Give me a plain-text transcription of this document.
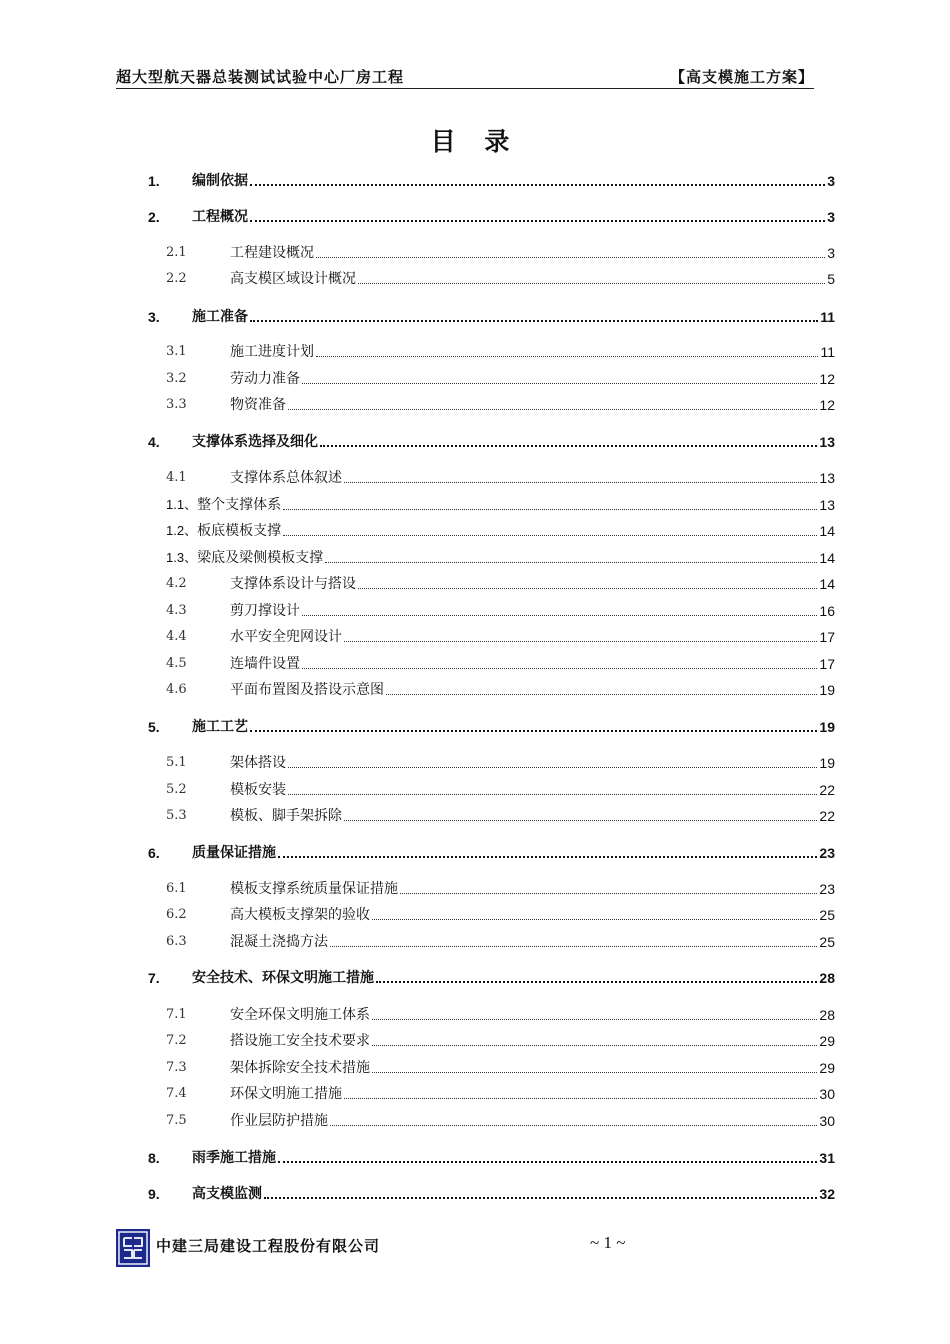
超大型航天器总装测试试验中心厂房工程	【高支模施工方案】
目 录
1.	编制依据	3
2.	工程概况	3
2.1	工程建设概况	3
2.2	高支模区域设计概况	5
3.	施工准备	11
3.1	施工进度计划	11
3.2	劳动力准备	12
3.3	物资准备	12
4.	支撑体系选择及细化	13
4.1	支撑体系总体叙述	13
1.1、 整个支撑体系	13
1.2、 板底模板支撑	14
1.3、 梁底及梁侧模板支撑	14
4.2	支撑体系设计与搭设	14
4.3	剪刀撑设计	16
4.4	水平安全兜网设计	17
4.5	连墙件设置	17
4.6	平面布置图及搭设示意图	19
5.	施工工艺	19
5.1	架体搭设	19
5.2	模板安装	22
5.3	模板、脚手架拆除	22
6.	质量保证措施	23
6.1	模板支撑系统质量保证措施	23
6.2	高大模板支撑架的验收	25
6.3	混凝土浇捣方法	25
7.	安全技术、环保文明施工措施	28
7.1	安全环保文明施工体系	28
7.2	搭设施工安全技术要求	29
7.3	架体拆除安全技术措施	29
7.4	环保文明施工措施	30
7.5	作业层防护措施	30
8.	雨季施工措施	31
9.	高支模监测	32
中建三局建设工程股份有限公司	~ 1 ~
